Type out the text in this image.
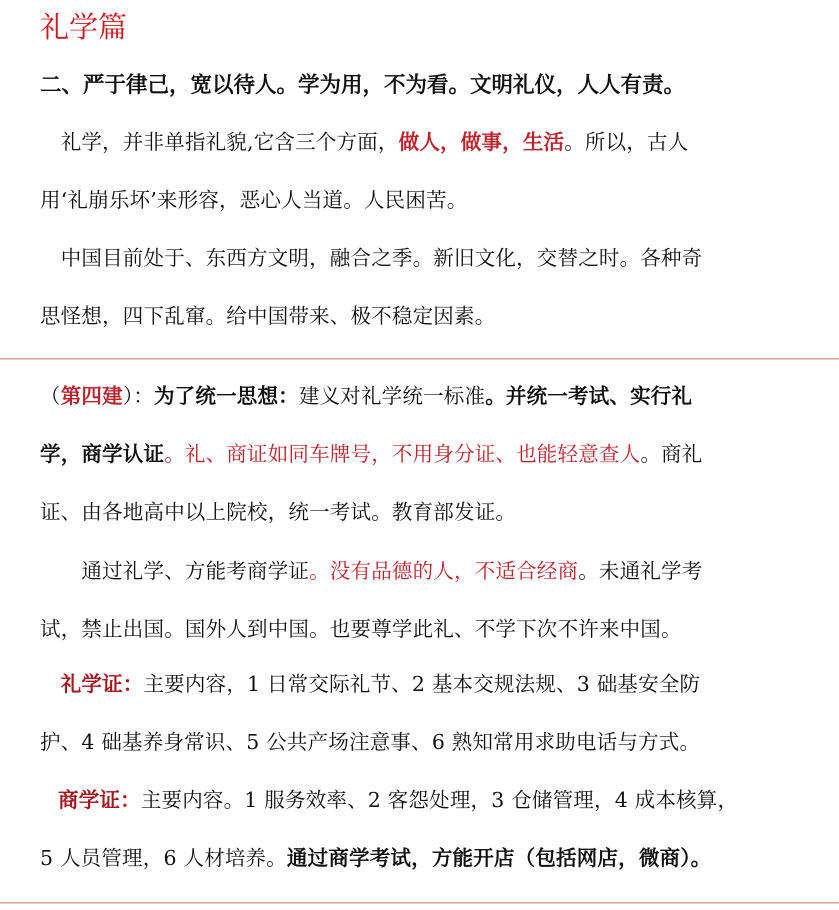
礼学篇
二、严于律己，宽以待人。学为用，不为看。文明礼仪，人人有责。
　礼学，并非单指礼貌,它含三个方面，做人，做事，生活。所以，古人
用‘礼崩乐坏’来形容，恶心人当道。人民困苦。
　中国目前处于、东西方文明，融合之季。新旧文化，交替之时。各种奇
思怪想，四下乱窜。给中国带来、极不稳定因素。
（第四建）：为了统一思想：建义对礼学统一标准。并统一考试、实行礼
学，商学认证。礼、商证如同车牌号，不用身分证、也能轻意查人。商礼
证、由各地高中以上院校，统一考试。教育部发证。
　　通过礼学、方能考商学证。没有品德的人，不适合经商。未通礼学考
试，禁止出国。国外人到中国。也要尊学此礼、不学下次不许来中国。
　礼学证：主要内容，1 日常交际礼节、2 基本交规法规、3 础基安全防
护、4 础基养身常识、5 公共产场注意事、6 熟知常用求助电话与方式。
商学证：主要内容。1 服务效率、2 客怨处理，3 仓储管理，4 成本核算，
5 人员管理，6 人材培养。通过商学考试，方能开店（包括网店，微商）。
